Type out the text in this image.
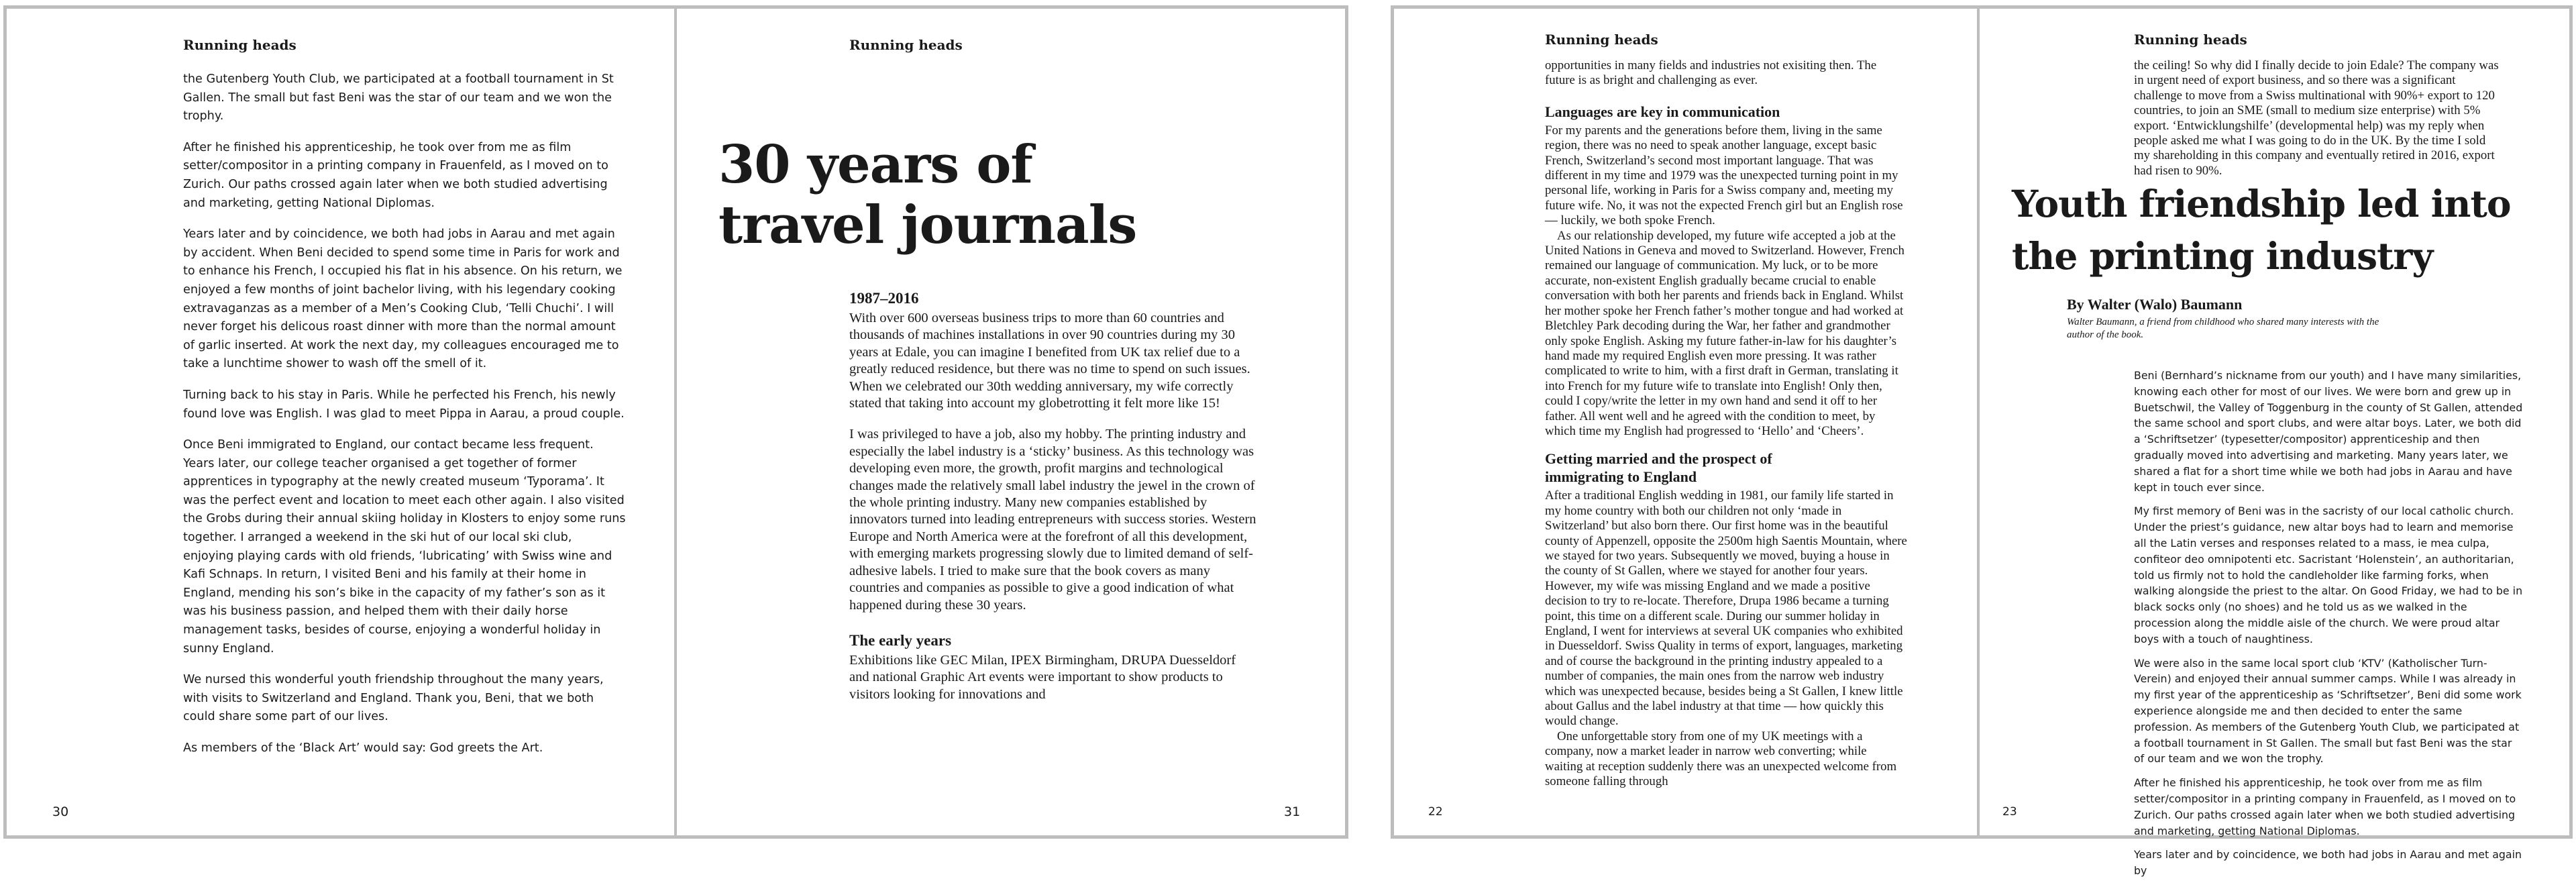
Running heads

the Gutenberg Youth Club, we participated at a football tournament in St Gallen. The small but fast Beni was the star of our team and we won the trophy.

After he finished his apprenticeship, he took over from me as film setter/compositor in a printing company in Frauenfeld, as I moved on to Zurich. Our paths crossed again later when we both studied advertising and marketing, getting National Diplomas.

Years later and by coincidence, we both had jobs in Aarau and met again by accident. When Beni decided to spend some time in Paris for work and to enhance his French, I occupied his flat in his absence. On his return, we enjoyed a few months of joint bachelor living, with his legendary cooking extravaganzas as a member of a Men’s Cooking Club, ‘Telli Chuchi’. I will never forget his delicous roast dinner with more than the normal amount of garlic inserted. At work the next day, my colleagues encouraged me to take a lunchtime shower to wash off the smell of it.

Turning back to his stay in Paris. While he perfected his French, his newly found love was English. I was glad to meet Pippa in Aarau, a proud couple.

Once Beni immigrated to England, our contact became less frequent. Years later, our college teacher organised a get together of former apprentices in typography at the newly created museum ‘Typorama’. It was the perfect event and location to meet each other again. I also visited the Grobs during their annual skiing holiday in Klosters to enjoy some runs together. I arranged a weekend in the ski hut of our local ski club, enjoying playing cards with old friends, ‘lubricating’ with Swiss wine and Kafi Schnaps. In return, I visited Beni and his family at their home in England, mending his son’s bike in the capacity of my father’s son as it was his business passion, and helped them with their daily horse management tasks, besides of course, enjoying a wonderful holiday in sunny England.

We nursed this wonderful youth friendship throughout the many years, with visits to Switzerland and England. Thank you, Beni, that we both could share some part of our lives.

As members of the ‘Black Art’ would say: God greets the Art.

30
Running heads
30 years of
travel journals
1987–2016

With over 600 overseas business trips to more than 60 countries and thousands of machines installations in over 90 countries during my 30 years at Edale, you can imagine I benefited from UK tax relief due to a greatly reduced residence, but there was no time to spend on such issues. When we celebrated our 30th wedding anniversary, my wife correctly stated that taking into account my globetrotting it felt more like 15!

I was privileged to have a job, also my hobby. The printing industry and especially the label industry is a ‘sticky’ business. As this technology was developing even more, the growth, profit margins and technological changes made the relatively small label industry the jewel in the crown of the whole printing industry. Many new companies established by innovators turned into leading entrepreneurs with success stories. Western Europe and North America were at the forefront of all this development, with emerging markets progressing slowly due to limited demand of self-adhesive labels. I tried to make sure that the book covers as many countries and companies as possible to give a good indication of what happened during these 30 years.

The early years

Exhibitions like GEC Milan, IPEX Birmingham, DRUPA Duesseldorf and national Graphic Art events were important to show products to visitors looking for innovations and

31
Running heads

opportunities in many fields and industries not exisiting then. The future is as bright and challenging as ever.

Languages are key in communication

For my parents and the generations before them, living in the same region, there was no need to speak another language, except basic French, Switzerland’s second most important language. That was different in my time and 1979 was the unexpected turning point in my personal life, working in Paris for a Swiss company and, meeting my future wife. No, it was not the expected French girl but an English rose — luckily, we both spoke French.

As our relationship developed, my future wife accepted a job at the United Nations in Geneva and moved to Switzerland. However, French remained our language of communication. My luck, or to be more accurate, non-existent English gradually became crucial to enable conversation with both her parents and friends back in England. Whilst her mother spoke her French father’s mother tongue and had worked at Bletchley Park decoding during the War, her father and grandmother only spoke English. Asking my future father-in-law for his daughter’s hand made my required English even more pressing. It was rather complicated to write to him, with a first draft in German, translating it into French for my future wife to translate into English! Only then, could I copy/write the letter in my own hand and send it off to her father. All went well and he agreed with the condition to meet, by which time my English had progressed to ‘Hello’ and ‘Cheers’.

Getting married and the prospect of
immigrating to England

After a traditional English wedding in 1981, our family life started in my home country with both our children not only ‘made in Switzerland’ but also born there. Our first home was in the beautiful county of Appenzell, opposite the 2500m high Saentis Mountain, where we stayed for two years. Subsequently we moved, buying a house in the county of St Gallen, where we stayed for another four years. However, my wife was missing England and we made a positive decision to try to re-locate. Therefore, Drupa 1986 became a turning point, this time on a different scale. During our summer holiday in England, I went for interviews at several UK companies who exhibited in Duesseldorf. Swiss Quality in terms of export, languages, marketing and of course the background in the printing industry appealed to a number of companies, the main ones from the narrow web industry which was unexpected because, besides being a St Gallen, I knew little about Gallus and the label industry at that time — how quickly this would change.

One unforgettable story from one of my UK meetings with a company, now a market leader in narrow web converting; while waiting at reception suddenly there was an unexpected welcome from someone falling through

22
Running heads

the ceiling! So why did I finally decide to join Edale? The company was in urgent need of export business, and so there was a significant challenge to move from a Swiss multinational with 90%+ export to 120 countries, to join an SME (small to medium size enterprise) with 5% export. ‘Entwicklungshilfe’ (developmental help) was my reply when people asked me what I was going to do in the UK. By the time I sold my shareholding in this company and eventually retired in 2016, export had risen to 90%.

Youth friendship led into
the printing industry
By Walter (Walo) Baumann
Walter Baumann, a friend from childhood who shared many interests with the author of the book.

Beni (Bernhard’s nickname from our youth) and I have many similarities, knowing each other for most of our lives. We were born and grew up in Buetschwil, the Valley of Toggenburg in the county of St Gallen, attended the same school and sport clubs, and were altar boys. Later, we both did a ‘Schriftsetzer’ (typesetter/compositor) apprenticeship and then gradually moved into advertising and marketing. Many years later, we shared a flat for a short time while we both had jobs in Aarau and have kept in touch ever since.

My first memory of Beni was in the sacristy of our local catholic church. Under the priest’s guidance, new altar boys had to learn and memorise all the Latin verses and responses related to a mass, ie mea culpa, confiteor deo omnipotenti etc. Sacristant ‘Holenstein’, an authoritarian, told us firmly not to hold the candleholder like farming forks, when walking alongside the priest to the altar. On Good Friday, we had to be in black socks only (no shoes) and he told us as we walked in the procession along the middle aisle of the church. We were proud altar boys with a touch of naughtiness.

We were also in the same local sport club ‘KTV’ (Katholischer Turn-Verein) and enjoyed their annual summer camps. While I was already in my first year of the apprenticeship as ‘Schriftsetzer’, Beni did some work experience alongside me and then decided to enter the same profession. As members of the Gutenberg Youth Club, we participated at a football tournament in St Gallen. The small but fast Beni was the star of our team and we won the trophy.

After he finished his apprenticeship, he took over from me as film setter/compositor in a printing company in Frauenfeld, as I moved on to Zurich. Our paths crossed again later when we both studied advertising and marketing, getting National Diplomas.

Years later and by coincidence, we both had jobs in Aarau and met again by

23
